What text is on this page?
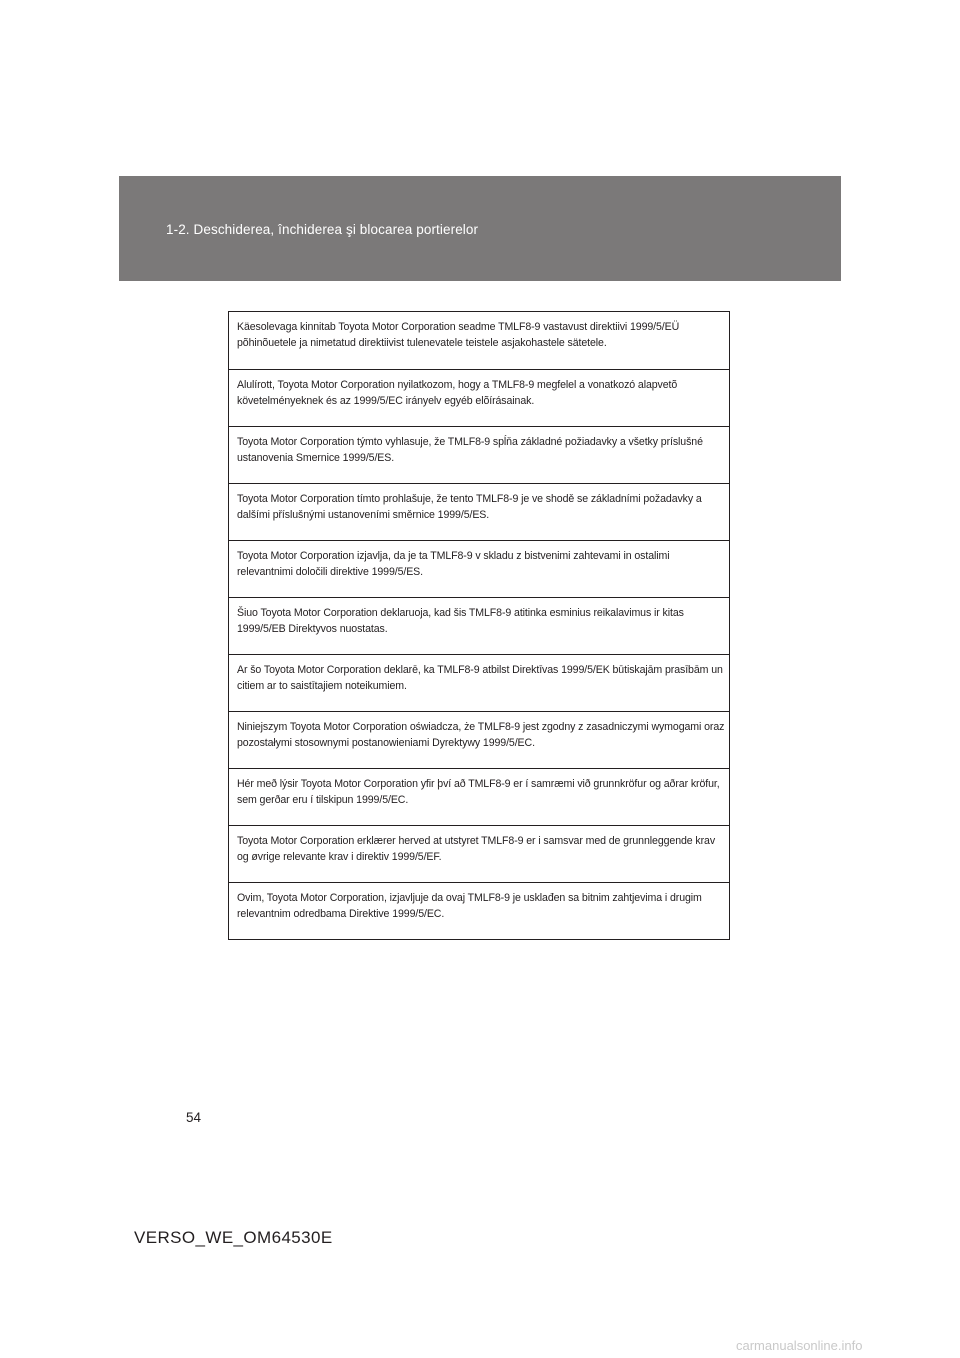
1-2. Deschiderea, închiderea şi blocarea portierelor
Käesolevaga kinnitab Toyota Motor Corporation seadme TMLF8-9 vastavust direktiivi 1999/5/EÜ põhinõuetele ja nimetatud direktiivist tulenevatele teistele asjakohastele sätetele.
Alulírott, Toyota Motor Corporation nyilatkozom, hogy a TMLF8-9 megfelel a vonatkozó alapvetõ követelményeknek és az 1999/5/EC irányelv egyéb elõírásainak.
Toyota Motor Corporation týmto vyhlasuje, že TMLF8-9 spĺňa základné požiadavky a všetky príslušné ustanovenia Smernice 1999/5/ES.
Toyota Motor Corporation tímto prohlašuje, že tento TMLF8-9 je ve shodě se základními požadavky a dalšími příslušnými ustanoveními směrnice 1999/5/ES.
Toyota Motor Corporation izjavlja, da je ta TMLF8-9 v skladu z bistvenimi zahtevami in ostalimi relevantnimi določili direktive 1999/5/ES.
Šiuo Toyota Motor Corporation deklaruoja, kad šis TMLF8-9 atitinka esminius reikalavimus ir kitas 1999/5/EB Direktyvos nuostatas.
Ar šo Toyota Motor Corporation deklarē, ka TMLF8-9 atbilst Direktīvas 1999/5/EK būtiskajām prasībām un citiem ar to saistītajiem noteikumiem.
Niniejszym Toyota Motor Corporation oświadcza, że TMLF8-9 jest zgodny z zasadniczymi wymogami oraz pozostałymi stosownymi postanowieniami Dyrektywy 1999/5/EC.
Hér með lýsir Toyota Motor Corporation yfir því að TMLF8-9 er í samræmi við grunnkröfur og aðrar kröfur, sem gerðar eru í tilskipun 1999/5/EC.
Toyota Motor Corporation erklærer herved at utstyret TMLF8-9 er i samsvar med de grunnleggende krav og øvrige relevante krav i direktiv 1999/5/EF.
Ovim, Toyota Motor Corporation, izjavljuje da ovaj TMLF8-9 je usklađen sa bitnim zahtjevima i drugim relevantnim odredbama Direktive 1999/5/EC.
54
VERSO_WE_OM64530E
carmanualsonline.info
